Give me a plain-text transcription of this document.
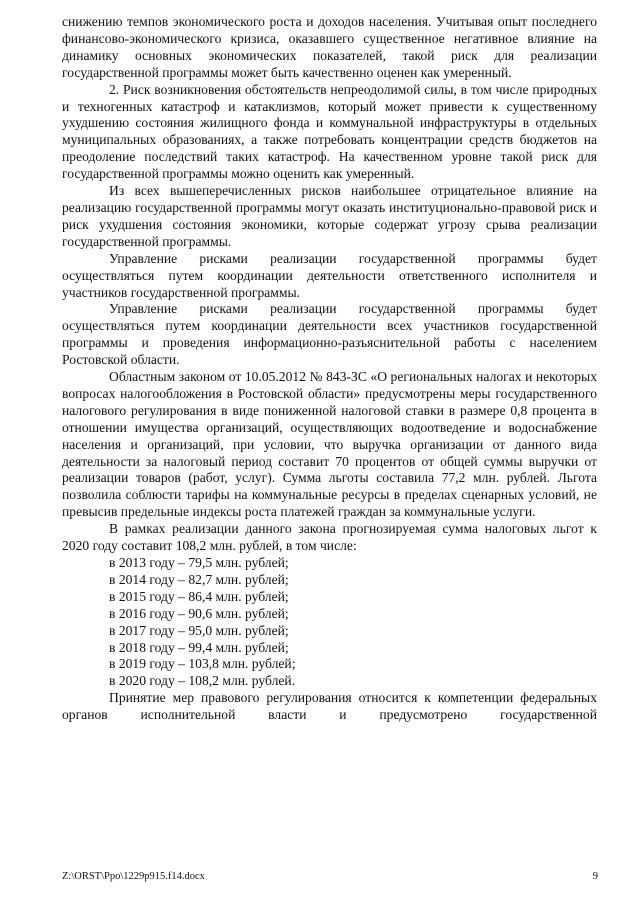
снижению темпов экономического роста и доходов населения. Учитывая опыт последнего финансово-экономического кризиса, оказавшего существенное негативное влияние на динамику основных экономических показателей, такой риск для реализации государственной программы может быть качественно оценен как умеренный.

2. Риск возникновения обстоятельств непреодолимой силы, в том числе природных и техногенных катастроф и катаклизмов, который может привести к существенному ухудшению состояния жилищного фонда и коммунальной инфраструктуры в отдельных муниципальных образованиях, а также потребовать концентрации средств бюджетов на преодоление последствий таких катастроф. На качественном уровне такой риск для государственной программы можно оценить как умеренный.

Из всех вышеперечисленных рисков наибольшее отрицательное влияние на реализацию государственной программы могут оказать институционально-правовой риск и риск ухудшения состояния экономики, которые содержат угрозу срыва реализации государственной программы.

Управление рисками реализации государственной программы будет осуществляться путем координации деятельности ответственного исполнителя и участников государственной программы.

Управление рисками реализации государственной программы будет осуществляться путем координации деятельности всех участников государственной программы и проведения информационно-разъяснительной работы с населением Ростовской области.

Областным законом от 10.05.2012 № 843-ЗС «О региональных налогах и некоторых вопросах налогообложения в Ростовской области» предусмотрены меры государственного налогового регулирования в виде пониженной налоговой ставки в размере 0,8 процента в отношении имущества организаций, осуществляющих водоотведение и водоснабжение населения и организаций, при условии, что выручка организации от данного вида деятельности за налоговый период составит 70 процентов от общей суммы выручки от реализации товаров (работ, услуг). Сумма льготы составила 77,2 млн. рублей. Льгота позволила соблюсти тарифы на коммунальные ресурсы в пределах сценарных условий, не превысив предельные индексы роста платежей граждан за коммунальные услуги.

В рамках реализации данного закона прогнозируемая сумма налоговых льгот к 2020 году составит 108,2 млн. рублей, в том числе:

в 2013 году – 79,5 млн. рублей;
в 2014 году – 82,7 млн. рублей;
в 2015 году – 86,4 млн. рублей;
в 2016 году – 90,6 млн. рублей;
в 2017 году – 95,0 млн. рублей;
в 2018 году – 99,4 млн. рублей;
в 2019 году – 103,8 млн. рублей;
в 2020 году – 108,2 млн. рублей.

Принятие мер правового регулирования относится к компетенции федеральных органов исполнительной власти и предусмотрено государственной

Z:\ORST\Ppo\1229p915.f14.docx	9
